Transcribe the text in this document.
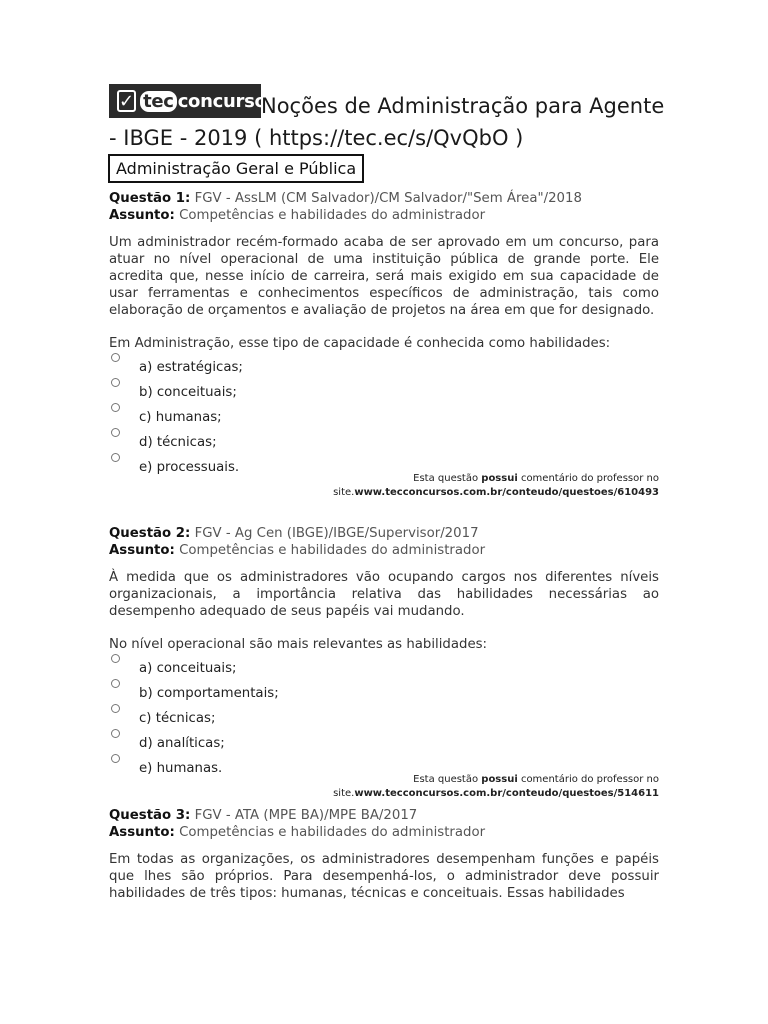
✓ tec concursos
Noções de Administração para Agente
- IBGE - 2019 ( https://tec.ec/s/QvQbO )
Administração Geral e Pública
Questão 1: FGV - AssLM (CM Salvador)/CM Salvador/"Sem Área"/2018
Assunto: Competências e habilidades do administrador
Um administrador recém-formado acaba de ser aprovado em um concurso, para atuar no nível operacional de uma instituição pública de grande porte. Ele acredita que, nesse início de carreira, será mais exigido em sua capacidade de usar ferramentas e conhecimentos específicos de administração, tais como elaboração de orçamentos e avaliação de projetos na área em que for designado.
Em Administração, esse tipo de capacidade é conhecida como habilidades:
a) estratégicas;
b) conceituais;
c) humanas;
d) técnicas;
e) processuais.
Esta questão possui comentário do professor no
site.www.tecconcursos.com.br/conteudo/questoes/610493
Questão 2: FGV - Ag Cen (IBGE)/IBGE/Supervisor/2017
Assunto: Competências e habilidades do administrador
À medida que os administradores vão ocupando cargos nos diferentes níveis organizacionais, a importância relativa das habilidades necessárias ao desempenho adequado de seus papéis vai mudando.
No nível operacional são mais relevantes as habilidades:
a) conceituais;
b) comportamentais;
c) técnicas;
d) analíticas;
e) humanas.
Esta questão possui comentário do professor no
site.www.tecconcursos.com.br/conteudo/questoes/514611
Questão 3: FGV - ATA (MPE BA)/MPE BA/2017
Assunto: Competências e habilidades do administrador
Em todas as organizações, os administradores desempenham funções e papéis que lhes são próprios. Para desempenhá-los, o administrador deve possuir habilidades de três tipos: humanas, técnicas e conceituais. Essas habilidades
